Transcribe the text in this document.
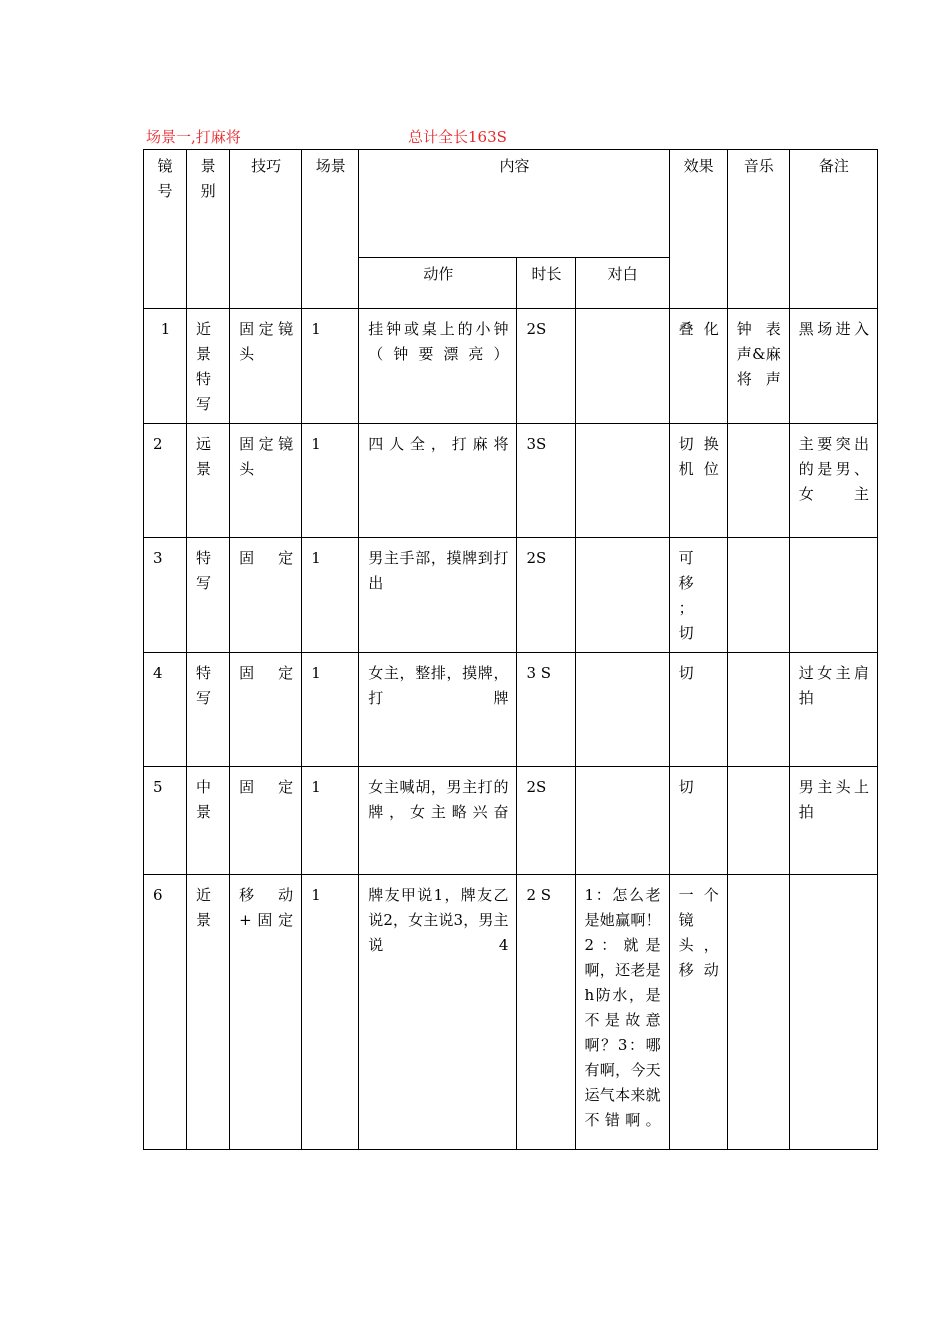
场景一,打麻将	总计全长163S
镜号	景别	技巧	场景	内容			效果	音乐	备注
				动作	时长	对白			
1	近景特写	固定镜头	1	挂钟或桌上的小钟（钟要漂亮）	2S		叠化	钟表声&麻将声	黑场进入
2	远景	固定镜头	1	四人全，打麻将	3S		切换机位		主要突出的是男、女主
3	特写	固定	1	男主手部，摸牌到打出	2S		可移；切		
4	特写	固定	1	女主，整排，摸牌，打牌	3 S		切		过女主肩拍
5	中景	固定	1	女主喊胡，男主打的牌，女主略兴奋	2S		切		男主头上拍
6	近景	移动+固定	1	牌友甲说1，牌友乙说2，女主说3，男主说4	2 S	1：怎么老是她赢啊！2：就是啊，还老是h防水，是不是故意啊？3：哪有啊，今天运气本来就不错啊。	一个镜头，移动		
